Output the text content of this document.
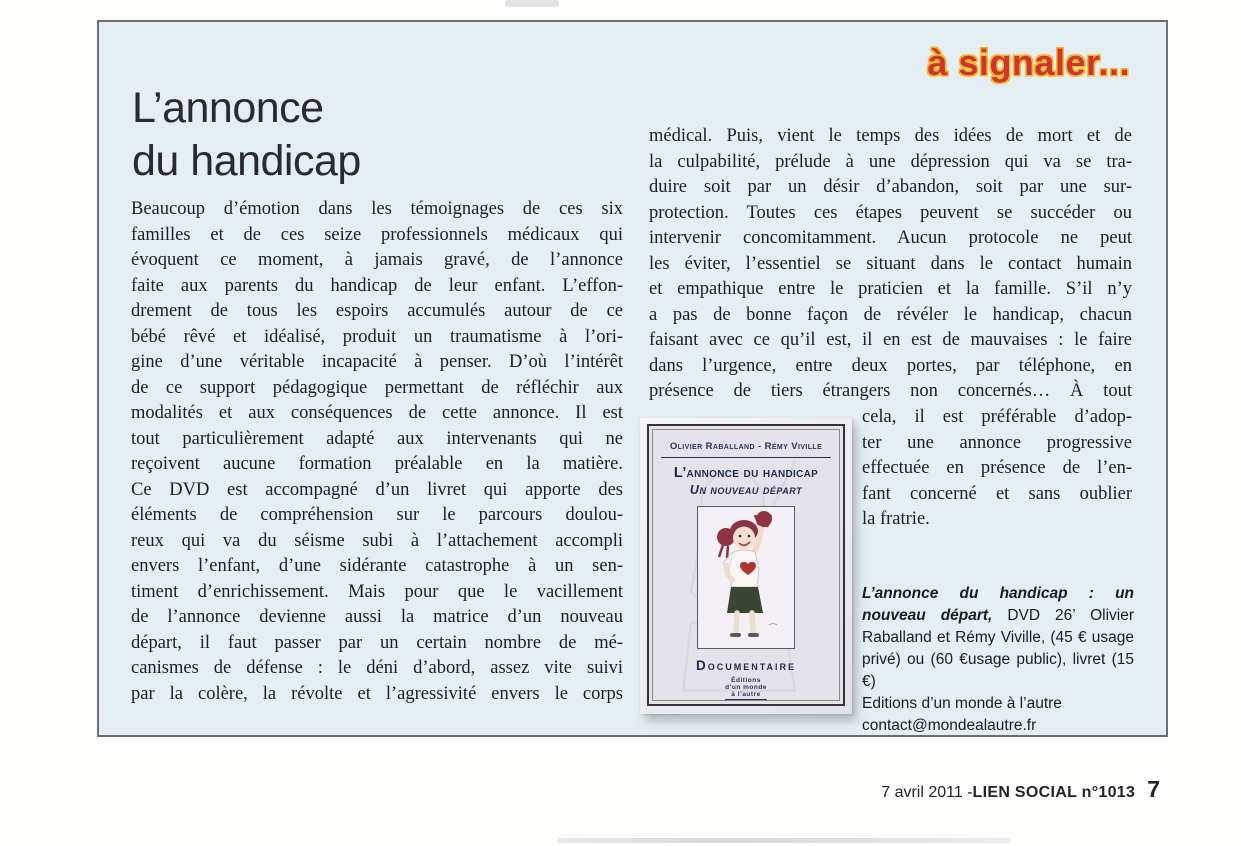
à signaler...
L’annonce
du handicap
Beaucoup d’émotion dans les témoignages de ces six
familles et de ces seize professionnels médicaux qui
évoquent ce moment, à jamais gravé, de l’annonce
faite aux parents du handicap de leur enfant. L’effon-
drement de tous les espoirs accumulés autour de ce
bébé rêvé et idéalisé, produit un traumatisme à l’ori-
gine d’une véritable incapacité à penser. D’où l’intérêt
de ce support pédagogique permettant de réfléchir aux
modalités et aux conséquences de cette annonce. Il est
tout particulièrement adapté aux intervenants qui ne
reçoivent aucune formation préalable en la matière.
Ce DVD est accompagné d’un livret qui apporte des
éléments de compréhension sur le parcours doulou-
reux qui va du séisme subi à l’attachement accompli
envers l’enfant, d’une sidérante catastrophe à un sen-
timent d’enrichissement. Mais pour que le vacillement
de l’annonce devienne aussi la matrice d’un nouveau
départ, il faut passer par un certain nombre de mé-
canismes de défense : le déni d’abord, assez vite suivi
par la colère, la révolte et l’agressivité envers le corps
médical. Puis, vient le temps des idées de mort et de
la culpabilité, prélude à une dépression qui va se tra-
duire soit par un désir d’abandon, soit par une sur-
protection. Toutes ces étapes peuvent se succéder ou
intervenir concomitamment. Aucun protocole ne peut
les éviter, l’essentiel se situant dans le contact humain
et empathique entre le praticien et la famille. S’il n’y
a pas de bonne façon de révéler le handicap, chacun
faisant avec ce qu’il est, il en est de mauvaises : le faire
dans l’urgence, entre deux portes, par téléphone, en
présence de tiers étrangers non concernés… À tout
cela, il est préférable d’adop-
ter une annonce progressive
effectuée en présence de l’en-
fant concerné et sans oublier
la fratrie.
Olivier Raballand - Rémy Viville
L’annonce du handicap
Un nouveau départ
Documentaire
Éditions
d’un monde
à l’autre

L’annonce du handicap : un nouveau départ, DVD 26’ Olivier Raballand et Rémy Viville, (45 € usage privé) ou (60 €usage public), livret (15 €)

Editions d’un monde à l’autre

contact@mondealautre.fr

7 avril 2011 - LIEN SOCIAL n°1013 7
